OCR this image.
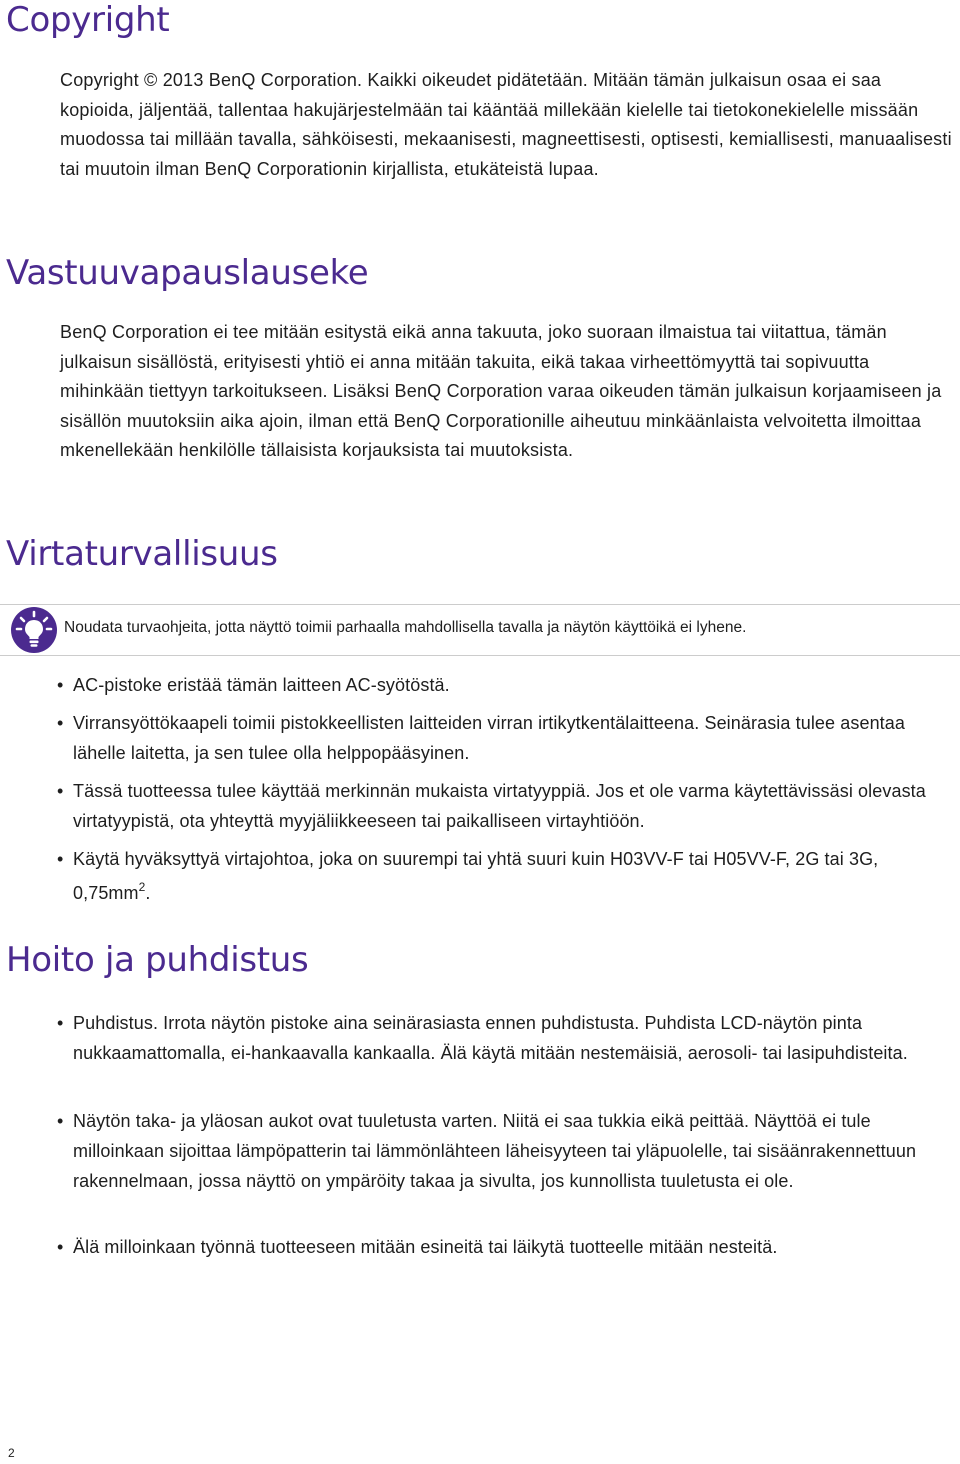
Copyright

Copyright © 2013 BenQ Corporation. Kaikki oikeudet pidätetään. Mitään tämän julkaisun osaa ei saa kopioida, jäljentää, tallentaa hakujärjestelmään tai kääntää millekään kielelle tai tietokonekielelle missään muodossa tai millään tavalla, sähköisesti, mekaanisesti, magneettisesti, optisesti, kemiallisesti, manuaalisesti tai muutoin ilman BenQ Corporationin kirjallista, etukäteistä lupaa.

Vastuuvapauslauseke

BenQ Corporation ei tee mitään esitystä eikä anna takuuta, joko suoraan ilmaistua tai viitattua, tämän julkaisun sisällöstä, erityisesti yhtiö ei anna mitään takuita, eikä takaa virheettömyyttä tai sopivuutta mihinkään tiettyyn tarkoitukseen. Lisäksi BenQ Corporation varaa oikeuden tämän julkaisun korjaamiseen ja sisällön muutoksiin aika ajoin, ilman että BenQ Corporationille aiheutuu minkäänlaista velvoitetta ilmoittaa mkenellekään henkilölle tällaisista korjauksista tai muutoksista.

Virtaturvallisuus

Noudata turvaohjeita, jotta näyttö toimii parhaalla mahdollisella tavalla ja näytön käyttöikä ei lyhene.

• AC-pistoke eristää tämän laitteen AC-syötöstä.

• Virransyöttökaapeli toimii pistokkeellisten laitteiden virran irtikytkentälaitteena. Seinärasia tulee asentaa lähelle laitetta, ja sen tulee olla helppopääsyinen.

• Tässä tuotteessa tulee käyttää merkinnän mukaista virtatyyppiä. Jos et ole varma käytettävissäsi olevasta virtatyypistä, ota yhteyttä myyjäliikkeeseen tai paikalliseen virtayhtiöön.

• Käytä hyväksyttyä virtajohtoa, joka on suurempi tai yhtä suuri kuin H03VV-F tai H05VV-F, 2G tai 3G, $0,75mm^2$.

Hoito ja puhdistus
• Puhdistus. Irrota näytön pistoke aina seinärasiasta ennen puhdistusta. Puhdista LCD-näytön pinta nukkaamattomalla, ei-hankaavalla kankaalla. Älä käytä mitään nestemäisiä, aerosoli- tai lasipuhdisteita.

• Näytön taka- ja yläosan aukot ovat tuuletusta varten. Niitä ei saa tukkia eikä peittää. Näyttöä ei tule milloinkaan sijoittaa lämpöpatterin tai lämmönlähteen läheisyyteen tai yläpuolelle, tai sisäänrakennettuun rakennelmaan, jossa näyttö on ympäröity takaa ja sivulta, jos kunnollista tuuletusta ei ole.

• Älä milloinkaan työnnä tuotteeseen mitään esineitä tai läikytä tuotteelle mitään nesteitä.

2
